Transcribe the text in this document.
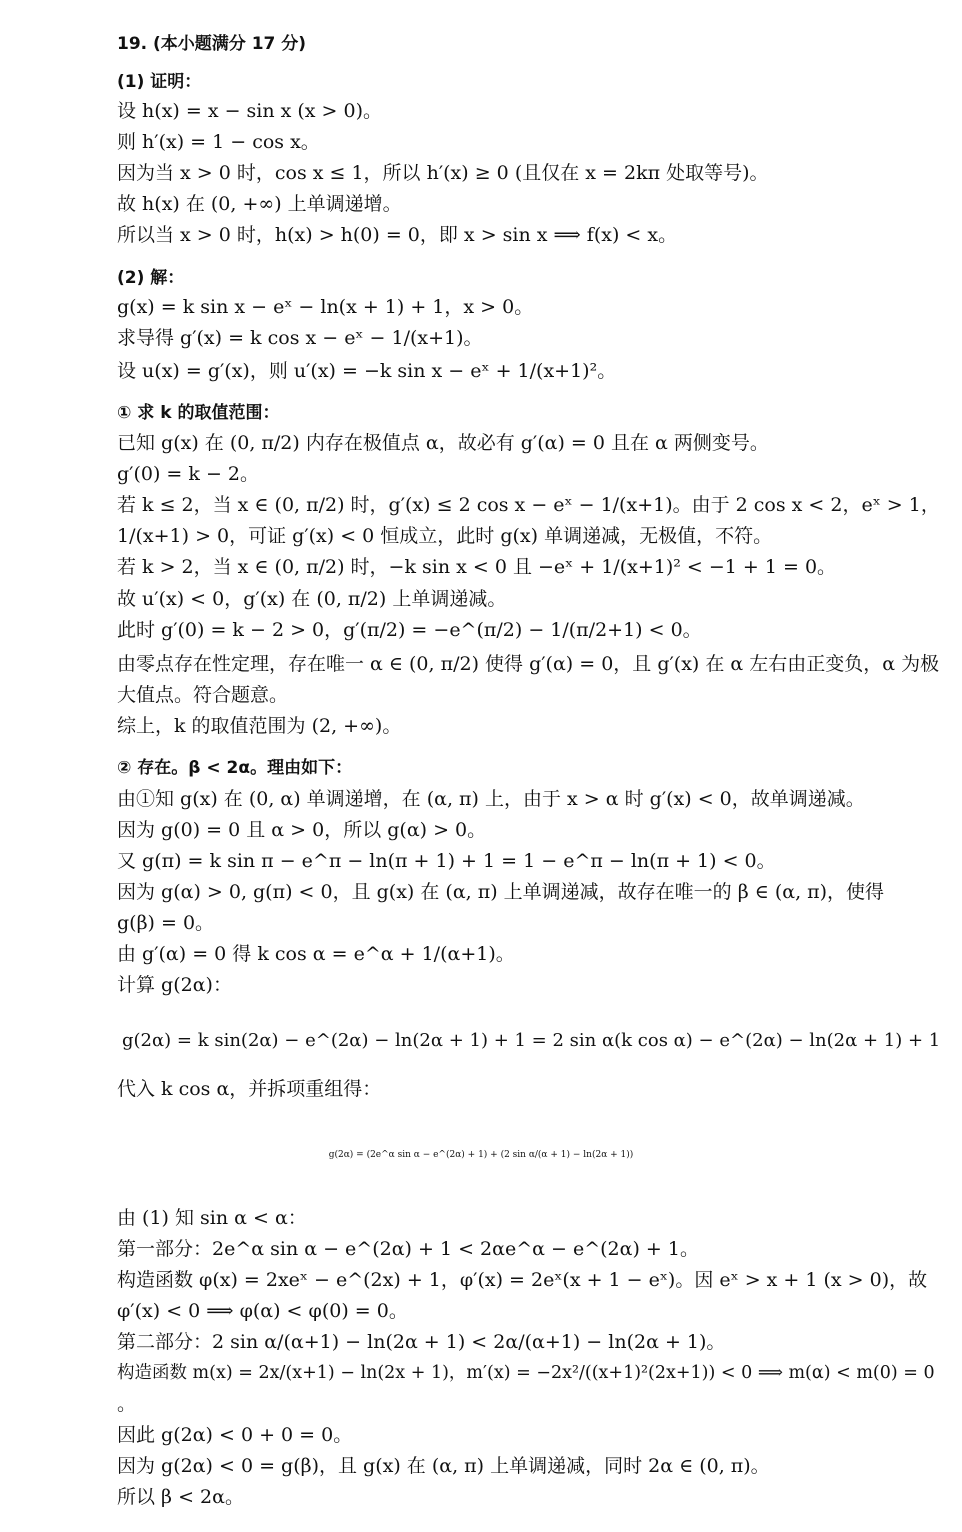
19. (本小题满分 17 分)
(1) 证明：
设 h(x) = x − sin x (x > 0)。
则 h′(x) = 1 − cos x。
因为当 x > 0 时，cos x ≤ 1，所以 h′(x) ≥ 0 (且仅在 x = 2kπ 处取等号)。
故 h(x) 在 (0, +∞) 上单调递增。
所以当 x > 0 时，h(x) > h(0) = 0，即 x > sin x ⟹ f(x) < x。
(2) 解：
g(x) = k sin x − eˣ − ln(x + 1) + 1，x > 0。
求导得 g′(x) = k cos x − eˣ − 1/(x+1)。
设 u(x) = g′(x)，则 u′(x) = −k sin x − eˣ + 1/(x+1)²。
① 求 k 的取值范围：
已知 g(x) 在 (0, π/2) 内存在极值点 α，故必有 g′(α) = 0 且在 α 两侧变号。
g′(0) = k − 2。
若 k ≤ 2，当 x ∈ (0, π/2) 时，g′(x) ≤ 2 cos x − eˣ − 1/(x+1)。由于 2 cos x < 2，eˣ > 1，
1/(x+1) > 0，可证 g′(x) < 0 恒成立，此时 g(x) 单调递减，无极值，不符。
若 k > 2，当 x ∈ (0, π/2) 时，−k sin x < 0 且 −eˣ + 1/(x+1)² < −1 + 1 = 0。
故 u′(x) < 0，g′(x) 在 (0, π/2) 上单调递减。
此时 g′(0) = k − 2 > 0，g′(π/2) = −e^(π/2) − 1/(π/2+1) < 0。
由零点存在性定理，存在唯一 α ∈ (0, π/2) 使得 g′(α) = 0，且 g′(x) 在 α 左右由正变负，α 为极
大值点。符合题意。
综上，k 的取值范围为 (2, +∞)。
② 存在。β < 2α。理由如下：
由①知 g(x) 在 (0, α) 单调递增，在 (α, π) 上，由于 x > α 时 g′(x) < 0，故单调递减。
因为 g(0) = 0 且 α > 0，所以 g(α) > 0。
又 g(π) = k sin π − e^π − ln(π + 1) + 1 = 1 − e^π − ln(π + 1) < 0。
因为 g(α) > 0, g(π) < 0，且 g(x) 在 (α, π) 上单调递减，故存在唯一的 β ∈ (α, π)，使得
g(β) = 0。
由 g′(α) = 0 得 k cos α = e^α + 1/(α+1)。
计算 g(2α)：
g(2α) = k sin(2α) − e^(2α) − ln(2α + 1) + 1 = 2 sin α(k cos α) − e^(2α) − ln(2α + 1) + 1
代入 k cos α，并拆项重组得：
g(2α) = (2e^α sin α − e^(2α) + 1) + (2 sin α/(α + 1) − ln(2α + 1))
由 (1) 知 sin α < α：
第一部分：2e^α sin α − e^(2α) + 1 < 2αe^α − e^(2α) + 1。
构造函数 φ(x) = 2xeˣ − e^(2x) + 1，φ′(x) = 2eˣ(x + 1 − eˣ)。因 eˣ > x + 1 (x > 0)，故
φ′(x) < 0 ⟹ φ(α) < φ(0) = 0。
第二部分：2 sin α/(α+1) − ln(2α + 1) < 2α/(α+1) − ln(2α + 1)。
构造函数 m(x) = 2x/(x+1) − ln(2x + 1)，m′(x) = −2x²/((x+1)²(2x+1)) < 0 ⟹ m(α) < m(0) = 0
。
因此 g(2α) < 0 + 0 = 0。
因为 g(2α) < 0 = g(β)，且 g(x) 在 (α, π) 上单调递减，同时 2α ∈ (0, π)。
所以 β < 2α。
